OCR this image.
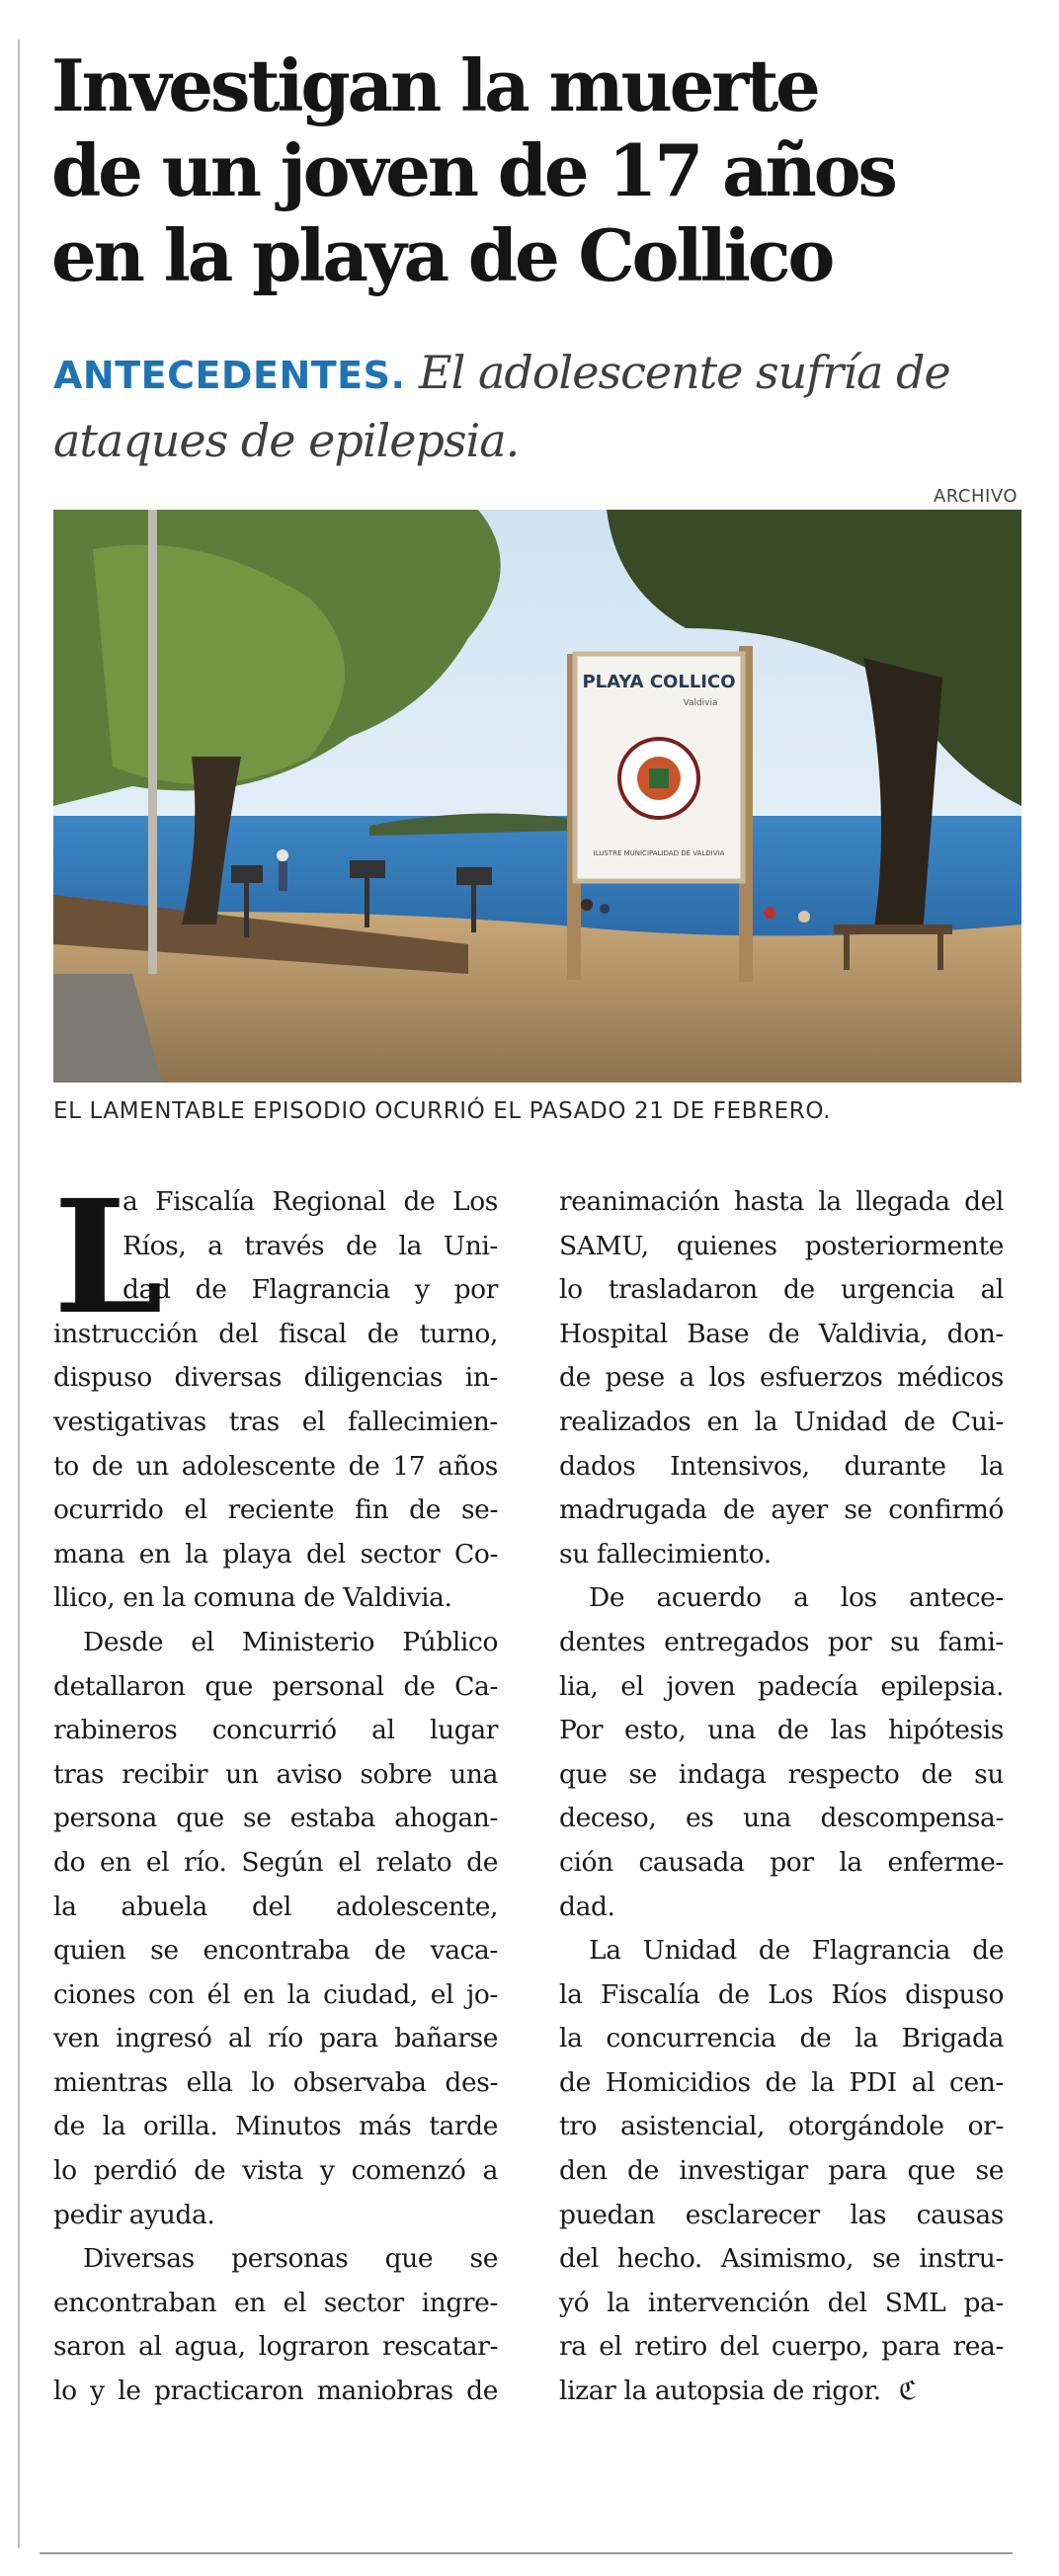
Investigan la muerte
de un joven de 17 años
en la playa de Collico

ANTECEDENTES. El adolescente sufría de ataques de epilepsia.

ARCHIVO
PLAYA COLLICO
Valdivia
ILUSTRE MUNICIPALIDAD DE VALDIVIA
EL LAMENTABLE EPISODIO OCURRIÓ EL PASADO 21 DE FEBRERO.
L

a Fiscalía Regional de Los
Ríos, a través de la Uni-
dad de Flagrancia y por
instrucción del fiscal de turno,
dispuso diversas diligencias in-
vestigativas tras el fallecimien-
to de un adolescente de 17 años
ocurrido el reciente fin de se-
mana en la playa del sector Co-
llico, en la comuna de Valdivia.

Desde el Ministerio Público
detallaron que personal de Ca-
rabineros concurrió al lugar
tras recibir un aviso sobre una
persona que se estaba ahogan-
do en el río. Según el relato de
la abuela del adolescente,
quien se encontraba de vaca-
ciones con él en la ciudad, el jo-
ven ingresó al río para bañarse
mientras ella lo observaba des-
de la orilla. Minutos más tarde
lo perdió de vista y comenzó a
pedir ayuda.

Diversas personas que se
encontraban en el sector ingre-
saron al agua, lograron rescatar-
lo y le practicaron maniobras de

reanimación hasta la llegada del
SAMU, quienes posteriormente
lo trasladaron de urgencia al
Hospital Base de Valdivia, don-
de pese a los esfuerzos médicos
realizados en la Unidad de Cui-
dados Intensivos, durante la
madrugada de ayer se confirmó
su fallecimiento.

De acuerdo a los antece-
dentes entregados por su fami-
lia, el joven padecía epilepsia.
Por esto, una de las hipótesis
que se indaga respecto de su
deceso, es una descompensa-
ción causada por la enferme-
dad.

La Unidad de Flagrancia de
la Fiscalía de Los Ríos dispuso
la concurrencia de la Brigada
de Homicidios de la PDI al cen-
tro asistencial, otorgándole or-
den de investigar para que se
puedan esclarecer las causas
del hecho. Asimismo, se instru-
yó la intervención del SML pa-
ra el retiro del cuerpo, para rea-
lizar la autopsia de rigor. ℭ
